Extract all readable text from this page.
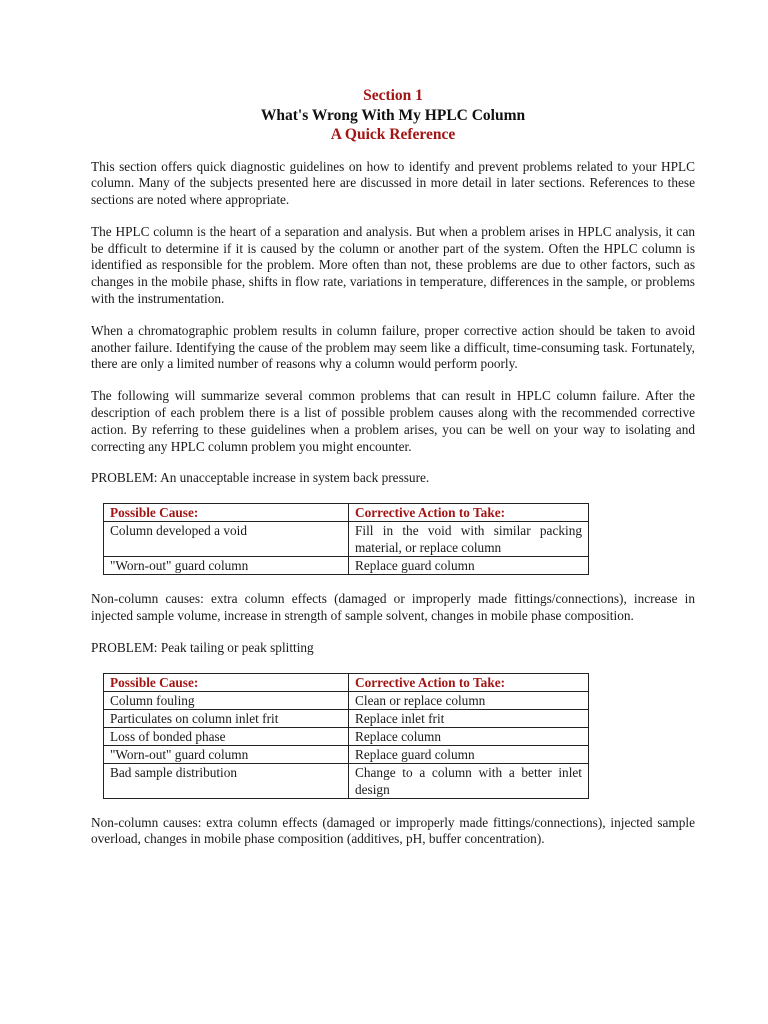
Section 1

What's Wrong With My HPLC Column

A Quick Reference

This section offers quick diagnostic guidelines on how to identify and prevent problems related to your HPLC column. Many of the subjects presented here are discussed in more detail in later sections. References to these sections are noted where appropriate.

The HPLC column is the heart of a separation and analysis. But when a problem arises in HPLC analysis, it can be dfficult to determine if it is caused by the column or another part of the system. Often the HPLC column is identified as responsible for the problem. More often than not, these problems are due to other factors, such as changes in the mobile phase, shifts in flow rate, variations in temperature, differences in the sample, or problems with the instrumentation.

When a chromatographic problem results in column failure, proper corrective action should be taken to avoid another failure. Identifying the cause of the problem may seem like a difficult, time-consuming task. Fortunately, there are only a limited number of reasons why a column would perform poorly.

The following will summarize several common problems that can result in HPLC column failure. After the description of each problem there is a list of possible problem causes along with the recommended corrective action. By referring to these guidelines when a problem arises, you can be well on your way to isolating and correcting any HPLC column problem you might encounter.

PROBLEM: An unacceptable increase in system back pressure.

Possible Cause:	Corrective Action to Take:
Column developed a void	Fill in the void with similar packing material, or replace column
"Worn-out" guard column	Replace guard column

Non-column causes: extra column effects (damaged or improperly made fittings/connections), increase in injected sample volume, increase in strength of sample solvent, changes in mobile phase composition.

PROBLEM: Peak tailing or peak splitting

Possible Cause:	Corrective Action to Take:
Column fouling	Clean or replace column
Particulates on column inlet frit	Replace inlet frit
Loss of bonded phase	Replace column
"Worn-out" guard column	Replace guard column
Bad sample distribution	Change to a column with a better inlet design

Non-column causes: extra column effects (damaged or improperly made fittings/connections), injected sample overload, changes in mobile phase composition (additives, pH, buffer concentration).
